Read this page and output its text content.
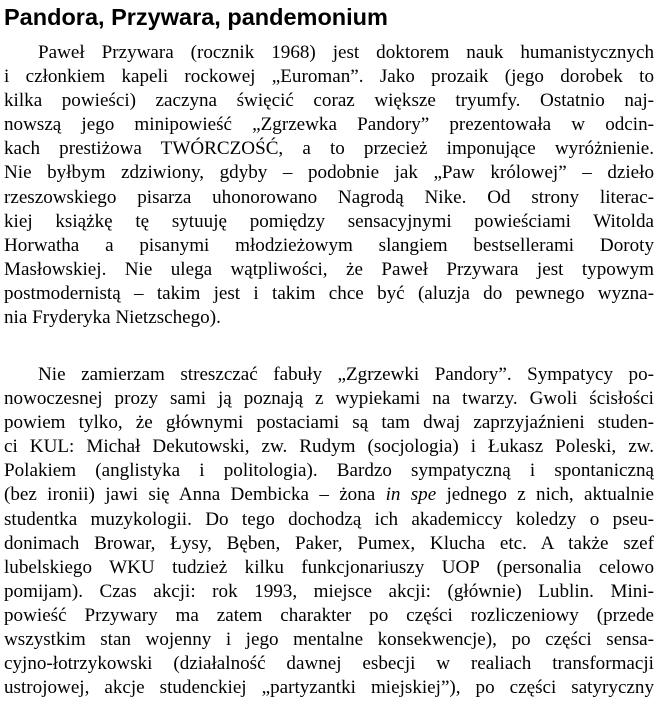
Pandora, Przywara, pandemonium
Paweł Przywara (rocznik 1968) jest doktorem nauk humanistycznych
i członkiem kapeli rockowej „Euroman”. Jako prozaik (jego dorobek to
kilka powieści) zaczyna święcić coraz większe tryumfy. Ostatnio naj-
nowszą jego minipowieść „Zgrzewka Pandory” prezentowała w odcin-
kach prestiżowa TWÓRCZOŚĆ, a to przecież imponujące wyróżnienie.
Nie byłbym zdziwiony, gdyby – podobnie jak „Paw królowej” – dzieło
rzeszowskiego pisarza uhonorowano Nagrodą Nike. Od strony literac-
kiej książkę tę sytuuję pomiędzy sensacyjnymi powieściami Witolda
Horwatha a pisanymi młodzieżowym slangiem bestsellerami Doroty
Masłowskiej. Nie ulega wątpliwości, że Paweł Przywara jest typowym
postmodernistą – takim jest i takim chce być (aluzja do pewnego wyzna-
nia Fryderyka Nietzschego).
Nie zamierzam streszczać fabuły „Zgrzewki Pandory”. Sympatycy po-
nowoczesnej prozy sami ją poznają z wypiekami na twarzy. Gwoli ścisłości
powiem tylko, że głównymi postaciami są tam dwaj zaprzyjaźnieni studen-
ci KUL: Michał Dekutowski, zw. Rudym (socjologia) i Łukasz Poleski, zw.
Polakiem (anglistyka i politologia). Bardzo sympatyczną i spontaniczną
(bez ironii) jawi się Anna Dembicka – żona in spe jednego z nich, aktualnie
studentka muzykologii. Do tego dochodzą ich akademiccy koledzy o pseu-
donimach Browar, Łysy, Bęben, Paker, Pumex, Klucha etc. A także szef
lubelskiego WKU tudzież kilku funkcjonariuszy UOP (personalia celowo
pomijam). Czas akcji: rok 1993, miejsce akcji: (głównie) Lublin. Mini-
powieść Przywary ma zatem charakter po części rozliczeniowy (przede
wszystkim stan wojenny i jego mentalne konsekwencje), po części sensa-
cyjno-łotrzykowski (działalność dawnej esbecji w realiach transformacji
ustrojowej, akcje studenckiej „partyzantki miejskiej”), po części satyryczny
